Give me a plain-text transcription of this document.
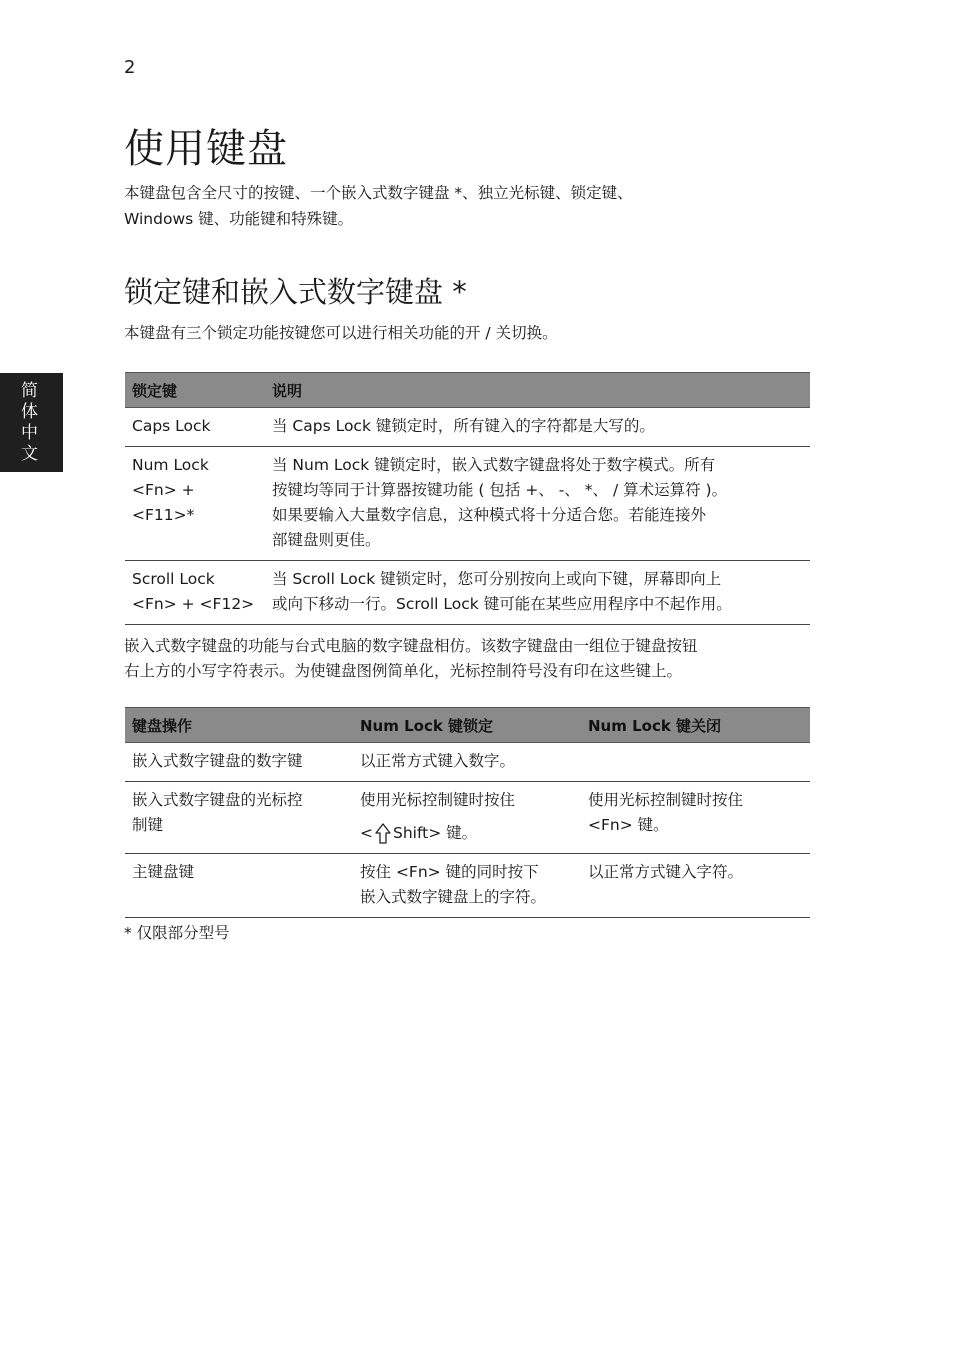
2
简
体
中
文
使用键盘

本键盘包含全尺寸的按键、一个嵌入式数字键盘 *、独立光标键、锁定键、
Windows 键、功能键和特殊键。

锁定键和嵌入式数字键盘 *

本键盘有三个锁定功能按键您可以进行相关功能的开 / 关切换。

锁定键	说明
Caps Lock	当 Caps Lock 键锁定时，所有键入的字符都是大写的。
Num Lock
<Fn> + <F11>*	当 Num Lock 键锁定时，嵌入式数字键盘将处于数字模式。所有
按键均等同于计算器按键功能 ( 包括 +、 -、 *、 / 算术运算符 )。
如果要输入大量数字信息，这种模式将十分适合您。若能连接外
部键盘则更佳。
Scroll Lock
<Fn> + <F12>	当 Scroll Lock 键锁定时，您可分别按向上或向下键，屏幕即向上
或向下移动一行。Scroll Lock 键可能在某些应用程序中不起作用。

嵌入式数字键盘的功能与台式电脑的数字键盘相仿。该数字键盘由一组位于键盘按钮
右上方的小写字符表示。为使键盘图例简单化，光标控制符号没有印在这些键上。

键盘操作	Num Lock 键锁定	Num Lock 键关闭
嵌入式数字键盘的数字键	以正常方式键入数字。	
嵌入式数字键盘的光标控
制键	使用光标控制键时按住
< Shift> 键。	使用光标控制键时按住
<Fn> 键。
主键盘键	按住 <Fn> 键的同时按下
嵌入式数字键盘上的字符。	以正常方式键入字符。

* 仅限部分型号
